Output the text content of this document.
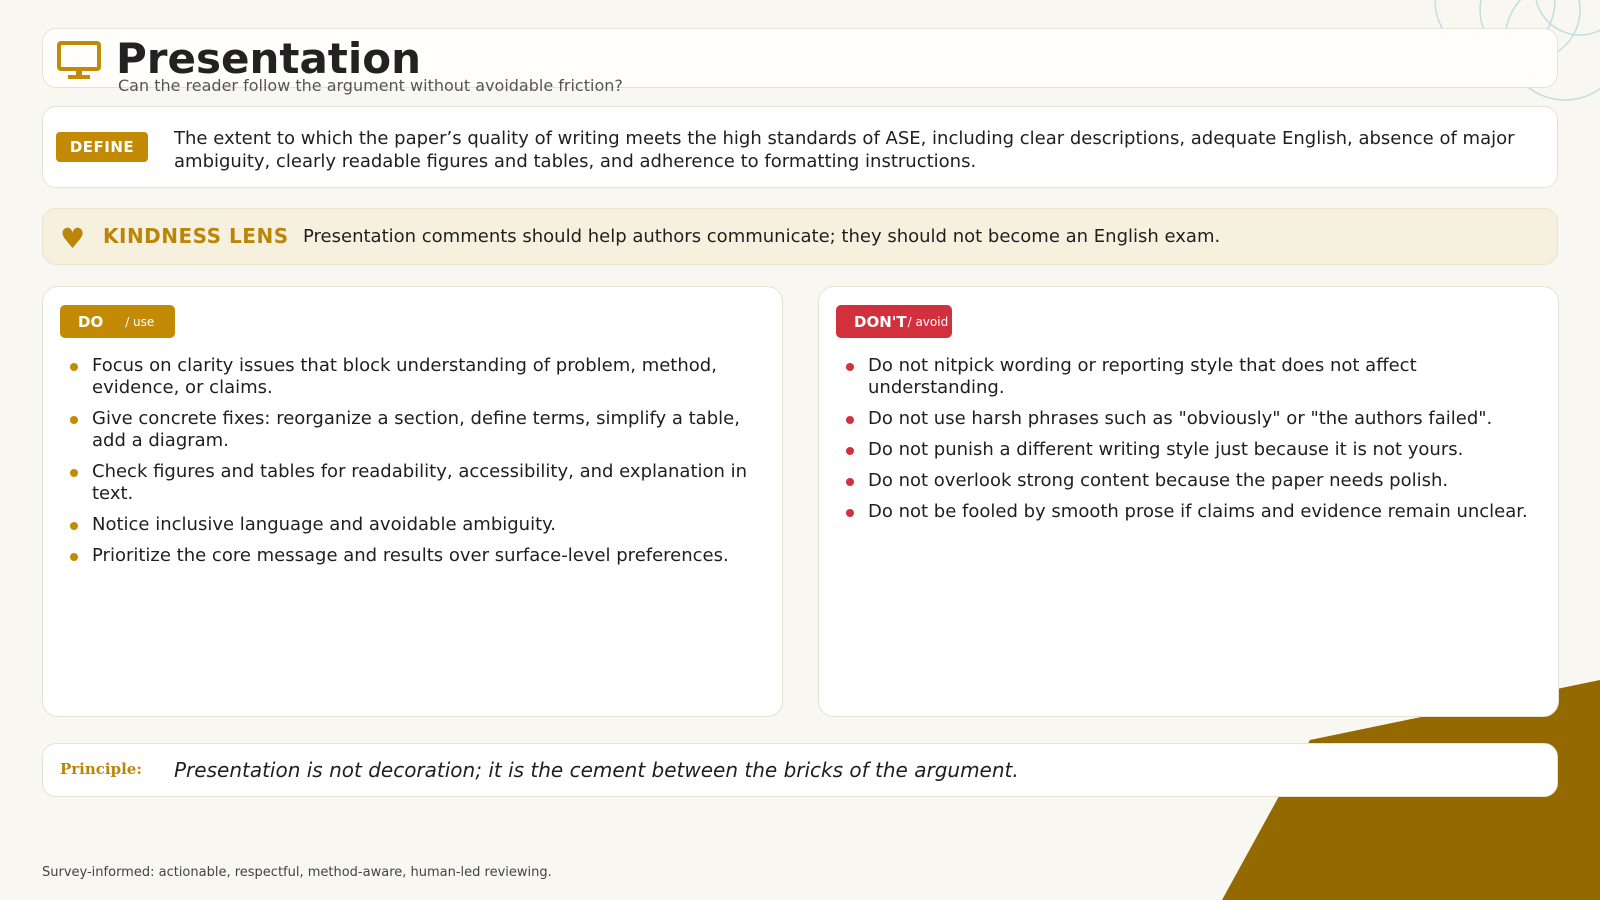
Presentation
Can the reader follow the argument without avoidable friction?
DEFINE	The extent to which the paper’s quality of writing meets the high standards of ASE, including clear descriptions, adequate English, absence of major ambiguity, clearly readable figures and tables, and adherence to formatting instructions.
♥ KINDNESS LENS Presentation comments should help authors communicate; they should not become an English exam.
DO / use
Focus on clarity issues that block understanding of problem, method, evidence, or claims.
Give concrete fixes: reorganize a section, define terms, simplify a table, add a diagram.
Check figures and tables for readability, accessibility, and explanation in text.
Notice inclusive language and avoidable ambiguity.
Prioritize the core message and results over surface-level preferences.
DON'T / avoid
Do not nitpick wording or reporting style that does not affect understanding.
Do not use harsh phrases such as "obviously" or "the authors failed".
Do not punish a different writing style just because it is not yours.
Do not overlook strong content because the paper needs polish.
Do not be fooled by smooth prose if claims and evidence remain unclear.
Principle: Presentation is not decoration; it is the cement between the bricks of the argument.
Survey-informed: actionable, respectful, method-aware, human-led reviewing.
